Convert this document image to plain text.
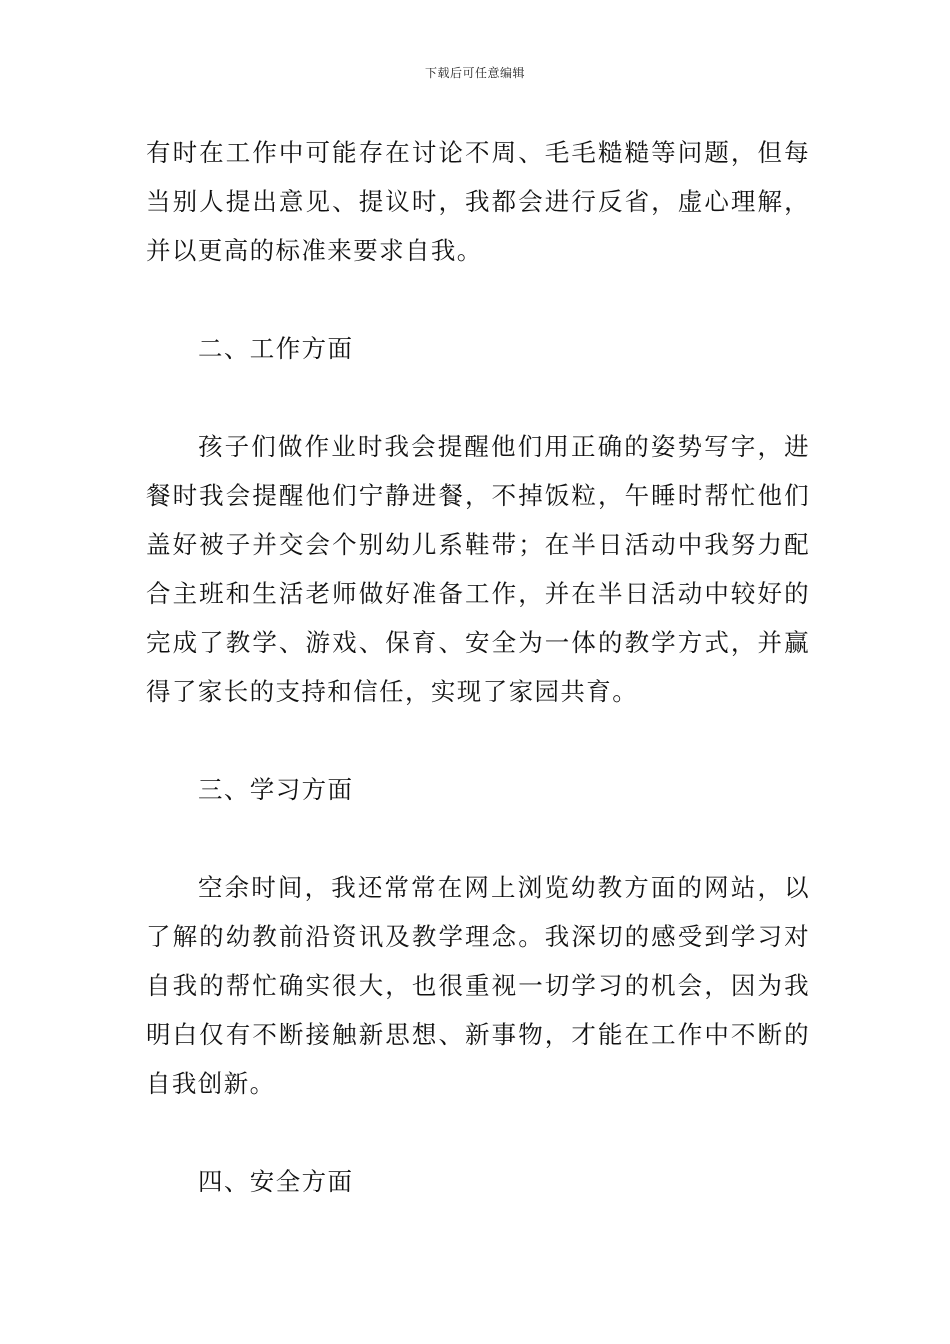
下载后可任意编辑

有时在工作中可能存在讨论不周、毛毛糙糙等问题，但每当别人提出意见、提议时，我都会进行反省，虚心理解，并以更高的标准来要求自我。

二、工作方面

孩子们做作业时我会提醒他们用正确的姿势写字，进餐时我会提醒他们宁静进餐，不掉饭粒，午睡时帮忙他们盖好被子并交会个别幼儿系鞋带；在半日活动中我努力配合主班和生活老师做好准备工作，并在半日活动中较好的完成了教学、游戏、保育、安全为一体的教学方式，并赢得了家长的支持和信任，实现了家园共育。

三、学习方面

空余时间，我还常常在网上浏览幼教方面的网站，以了解的幼教前沿资讯及教学理念。我深切的感受到学习对自我的帮忙确实很大，也很重视一切学习的机会，因为我明白仅有不断接触新思想、新事物，才能在工作中不断的自我创新。

四、安全方面
